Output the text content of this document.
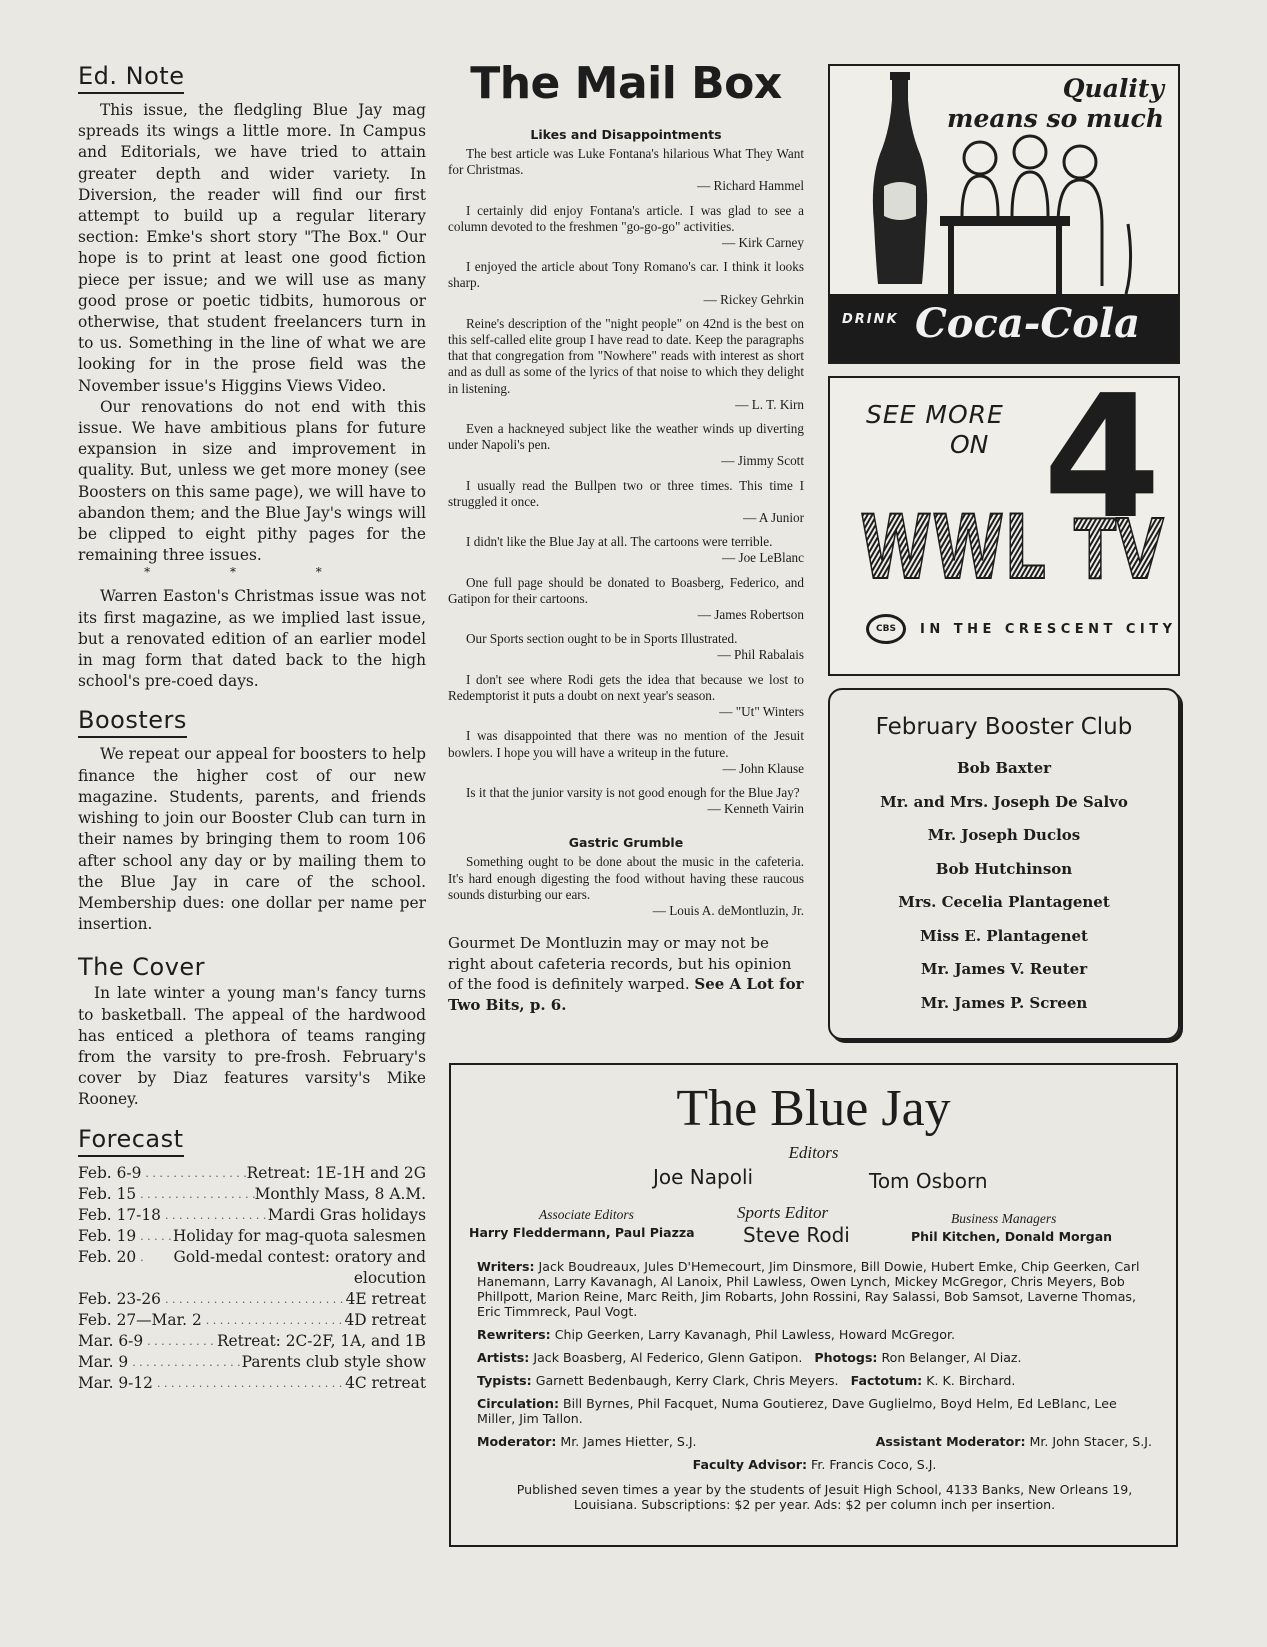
Ed. Note

This issue, the fledgling Blue Jay mag spreads its wings a little more. In Campus and Editorials, we have tried to attain greater depth and wider variety. In Diversion, the reader will find our first attempt to build up a regular literary section: Emke's short story "The Box." Our hope is to print at least one good fiction piece per issue; and we will use as many good prose or poetic tidbits, humorous or otherwise, that student freelancers turn in to us. Something in the line of what we are looking for in the prose field was the November issue's Higgins Views Video.

Our renovations do not end with this issue. We have ambitious plans for future expansion in size and improvement in quality. But, unless we get more money (see Boosters on this same page), we will have to abandon them; and the Blue Jay's wings will be clipped to eight pithy pages for the remaining three issues.

* * *

Warren Easton's Christmas issue was not its first magazine, as we implied last issue, but a renovated edition of an earlier model in mag form that dated back to the high school's pre-coed days.

Boosters

We repeat our appeal for boosters to help finance the higher cost of our new magazine. Students, parents, and friends wishing to join our Booster Club can turn in their names by bringing them to room 106 after school any day or by mailing them to the Blue Jay in care of the school. Membership dues: one dollar per name per insertion.

The Cover

In late winter a young man's fancy turns to basketball. The appeal of the hardwood has enticed a plethora of teams ranging from the varsity to pre-frosh. February's cover by Diaz features varsity's Mike Rooney.

Forecast
Feb. 6-9 . . .	Retreat: 1E-1H and 2G
Feb. 15 . . .	Monthly Mass, 8 A.M.
Feb. 17-18 . . .	Mardi Gras holidays
Feb. 19 . . . Holiday for mag-quota salesmen
Feb. 20 . . .	Gold-medal contest: oratory and elocution
Feb. 23-26 . . .	4E retreat
Feb. 27—Mar. 2 . . .	4D retreat
Mar. 6-9 . . .	Retreat: 2C-2F, 1A, and 1B
Mar. 9 . . .	Parents club style show
Mar. 9-12 . . .	4C retreat
The Mail Box
Likes and Disappointments

The best article was Luke Fontana's hilarious What They Want for Christmas.
— Richard Hammel

I certainly did enjoy Fontana's article. I was glad to see a column devoted to the freshmen "go-go-go" activities.
— Kirk Carney

I enjoyed the article about Tony Romano's car. I think it looks sharp.
— Rickey Gehrkin

Reine's description of the "night people" on 42nd is the best on this self-called elite group I have read to date. Keep the paragraphs that that congregation from "Nowhere" reads with interest as short and as dull as some of the lyrics of that noise to which they delight in listening.
— L. T. Kirn

Even a hackneyed subject like the weather winds up diverting under Napoli's pen.
— Jimmy Scott

I usually read the Bullpen two or three times. This time I struggled it once.
— A Junior

I didn't like the Blue Jay at all. The cartoons were terrible.
— Joe LeBlanc

One full page should be donated to Boasberg, Federico, and Gatipon for their cartoons.
— James Robertson

Our Sports section ought to be in Sports Illustrated.
— Phil Rabalais

I don't see where Rodi gets the idea that because we lost to Redemptorist it puts a doubt on next year's season.
— "Ut" Winters

I was disappointed that there was no mention of the Jesuit bowlers. I hope you will have a writeup in the future.
— John Klause

Is it that the junior varsity is not good enough for the Blue Jay?
— Kenneth Vairin

Gastric Grumble

Something ought to be done about the music in the cafeteria. It's hard enough digesting the food without having these raucous sounds disturbing our ears.
— Louis A. deMontluzin, Jr.

Gourmet De Montluzin may or may not be right about cafeteria records, but his opinion of the food is definitely warped. See A Lot for Two Bits, p. 6.
Quality
means so much
DRINK Coca-Cola
SEE MORE
ON 4
WWL TV
CBS	IN THE CRESCENT CITY
February Booster Club
Bob Baxter
Mr. and Mrs. Joseph De Salvo
Mr. Joseph Duclos
Bob Hutchinson
Mrs. Cecelia Plantagenet
Miss E. Plantagenet
Mr. James V. Reuter
Mr. James P. Screen
The Blue Jay
Editors
Joe Napoli	Tom Osborn
Associate Editors
Harry Fleddermann, Paul Piazza
Sports Editor
Steve Rodi
Business Managers
Phil Kitchen, Donald Morgan

Writers: Jack Boudreaux, Jules D'Hemecourt, Jim Dinsmore, Bill Dowie, Hubert Emke, Chip Geerken, Carl Hanemann, Larry Kavanagh, Al Lanoix, Phil Lawless, Owen Lynch, Mickey McGregor, Chris Meyers, Bob Phillpott, Marion Reine, Marc Reith, Jim Robarts, John Rossini, Ray Salassi, Bob Samsot, Laverne Thomas, Eric Timmreck, Paul Vogt.

Rewriters: Chip Geerken, Larry Kavanagh, Phil Lawless, Howard McGregor.

Artists: Jack Boasberg, Al Federico, Glenn Gatipon. Photogs: Ron Belanger, Al Diaz.

Typists: Garnett Bedenbaugh, Kerry Clark, Chris Meyers. Factotum: K. K. Birchard.

Circulation: Bill Byrnes, Phil Facquet, Numa Goutierez, Dave Guglielmo, Boyd Helm, Ed LeBlanc, Lee Miller, Jim Tallon.

Moderator: Mr. James Hietter, S.J.	Assistant Moderator: Mr. John Stacer, S.J.

Faculty Advisor: Fr. Francis Coco, S.J.

Published seven times a year by the students of Jesuit High School, 4133 Banks, New Orleans 19, Louisiana. Subscriptions: $2 per year. Ads: $2 per column inch per insertion.
